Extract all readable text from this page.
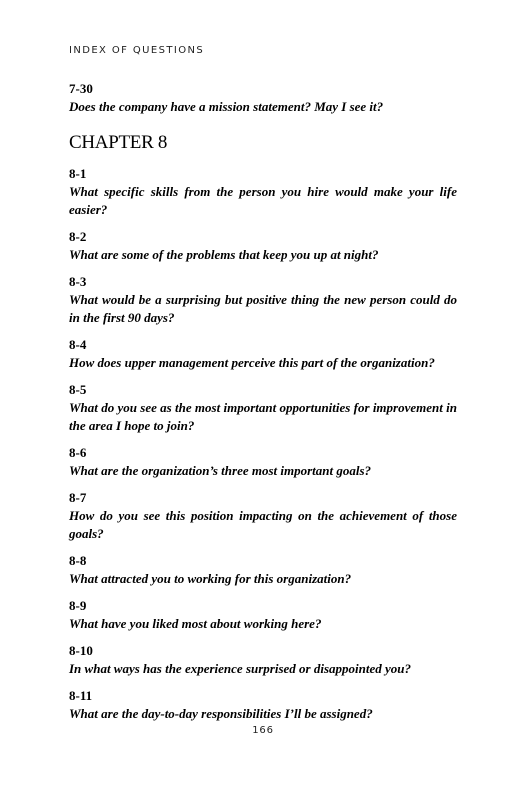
INDEX OF QUESTIONS
7-30
Does the company have a mission statement? May I see it?
CHAPTER 8
8-1
What specific skills from the person you hire would make your life easier?
8-2
What are some of the problems that keep you up at night?
8-3
What would be a surprising but positive thing the new person could do in the first 90 days?
8-4
How does upper management perceive this part of the organization?
8-5
What do you see as the most important opportunities for improvement in the area I hope to join?
8-6
What are the organization’s three most important goals?
8-7
How do you see this position impacting on the achievement of those goals?
8-8
What attracted you to working for this organization?
8-9
What have you liked most about working here?
8-10
In what ways has the experience surprised or disappointed you?
8-11
What are the day-to-day responsibilities I’ll be assigned?
166
